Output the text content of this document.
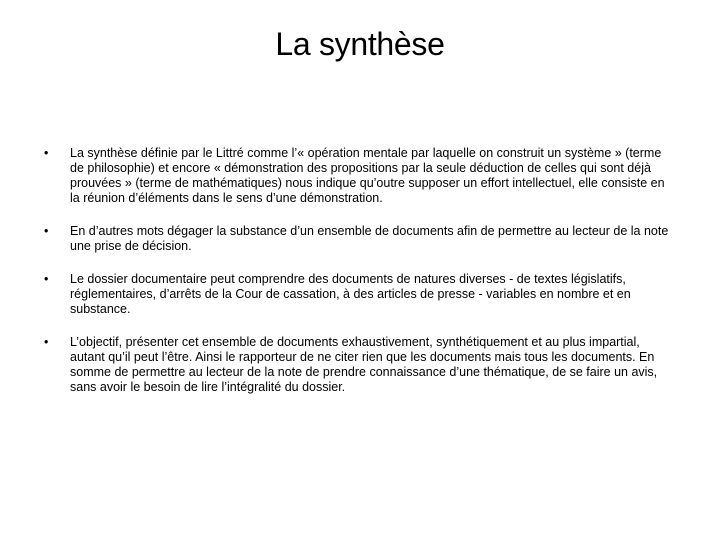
La synthèse
•	La synthèse définie par le Littré comme l’« opération mentale par laquelle on construit un système » (terme de philosophie) et encore « démonstration des propositions par la seule déduction de celles qui sont déjà prouvées » (terme de mathématiques) nous indique qu’outre supposer un effort intellectuel, elle consiste en la réunion d’éléments dans le sens d’une démonstration.
•	En d’autres mots dégager la substance d’un ensemble de documents afin de permettre au lecteur de la note une prise de décision.
•	Le dossier documentaire peut comprendre des documents de natures diverses - de textes législatifs, réglementaires, d’arrêts de la Cour de cassation, à des articles de presse - variables en nombre et en substance.
•	L’objectif, présenter cet ensemble de documents exhaustivement, synthétiquement et au plus impartial, autant qu’il peut l’être. Ainsi le rapporteur de ne citer rien que les documents mais tous les documents. En somme de permettre au lecteur de la note de prendre connaissance d’une thématique, de se faire un avis, sans avoir le besoin de lire l’intégralité du dossier.
